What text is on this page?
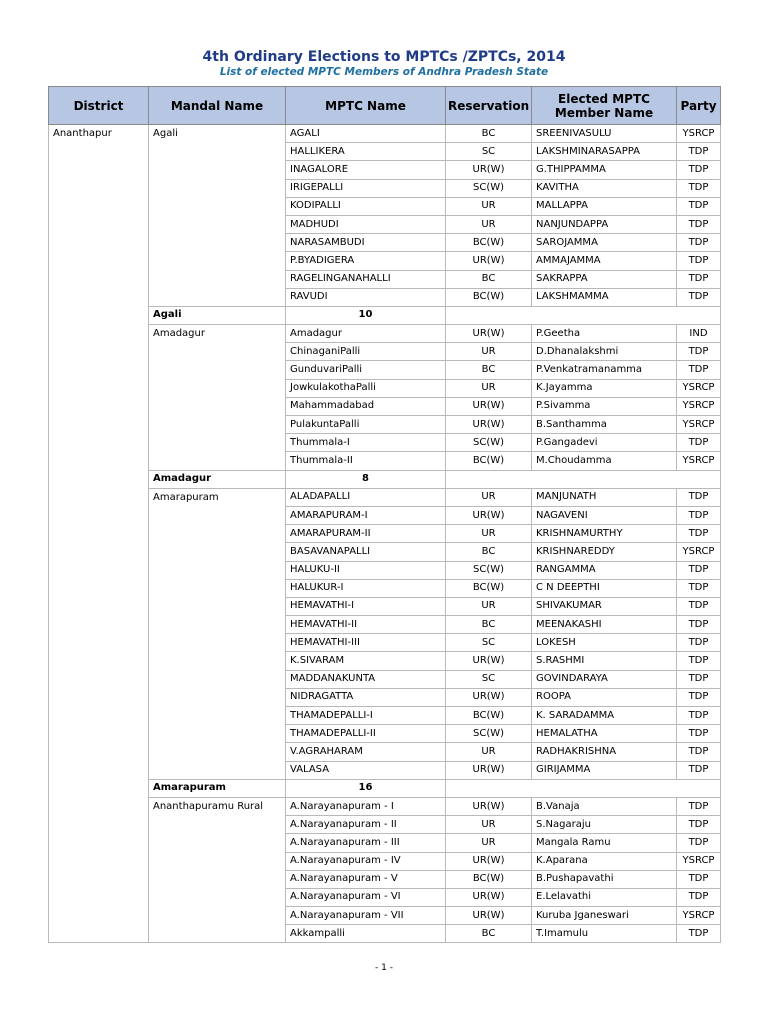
4th Ordinary Elections to MPTCs /ZPTCs, 2014
List of elected MPTC Members of Andhra Pradesh State
District	Mandal Name	MPTC Name	Reservation	Elected MPTC Member Name	Party
Ananthapur	Agali	AGALI	BC	SREENIVASULU	YSRCP
		HALLIKERA	SC	LAKSHMINARASAPPA	TDP
		INAGALORE	UR(W)	G.THIPPAMMA	TDP
		IRIGEPALLI	SC(W)	KAVITHA	TDP
		KODIPALLI	UR	MALLAPPA	TDP
		MADHUDI	UR	NANJUNDAPPA	TDP
		NARASAMBUDI	BC(W)	SAROJAMMA	TDP
		P.BYADIGERA	UR(W)	AMMAJAMMA	TDP
		RAGELINGANAHALLI	BC	SAKRAPPA	TDP
		RAVUDI	BC(W)	LAKSHMAMMA	TDP
	Agali	10			
	Amadagur	Amadagur	UR(W)	P.Geetha	IND
		ChinaganiPalli	UR	D.Dhanalakshmi	TDP
		GunduvariPalli	BC	P.Venkatramanamma	TDP
		JowkulakothaPalli	UR	K.Jayamma	YSRCP
		Mahammadabad	UR(W)	P.Sivamma	YSRCP
		PulakuntaPalli	UR(W)	B.Santhamma	YSRCP
		Thummala-I	SC(W)	P.Gangadevi	TDP
		Thummala-II	BC(W)	M.Choudamma	YSRCP
	Amadagur	8			
	Amarapuram	ALADAPALLI	UR	MANJUNATH	TDP
		AMARAPURAM-I	UR(W)	NAGAVENI	TDP
		AMARAPURAM-II	UR	KRISHNAMURTHY	TDP
		BASAVANAPALLI	BC	KRISHNAREDDY	YSRCP
		HALUKU-II	SC(W)	RANGAMMA	TDP
		HALUKUR-I	BC(W)	C N DEEPTHI	TDP
		HEMAVATHI-I	UR	SHIVAKUMAR	TDP
		HEMAVATHI-II	BC	MEENAKASHI	TDP
		HEMAVATHI-III	SC	LOKESH	TDP
		K.SIVARAM	UR(W)	S.RASHMI	TDP
		MADDANAKUNTA	SC	GOVINDARAYA	TDP
		NIDRAGATTA	UR(W)	ROOPA	TDP
		THAMADEPALLI-I	BC(W)	K. SARADAMMA	TDP
		THAMADEPALLI-II	SC(W)	HEMALATHA	TDP
		V.AGRAHARAM	UR	RADHAKRISHNA	TDP
		VALASA	UR(W)	GIRIJAMMA	TDP
	Amarapuram	16			
	Ananthapuramu Rural	A.Narayanapuram - I	UR(W)	B.Vanaja	TDP
		A.Narayanapuram - II	UR	S.Nagaraju	TDP
		A.Narayanapuram - III	UR	Mangala Ramu	TDP
		A.Narayanapuram - IV	UR(W)	K.Aparana	YSRCP
		A.Narayanapuram - V	BC(W)	B.Pushapavathi	TDP
		A.Narayanapuram - VI	UR(W)	E.Lelavathi	TDP
		A.Narayanapuram - VII	UR(W)	Kuruba Jganeswari	YSRCP
		Akkampalli	BC	T.Imamulu	TDP
- 1 -
